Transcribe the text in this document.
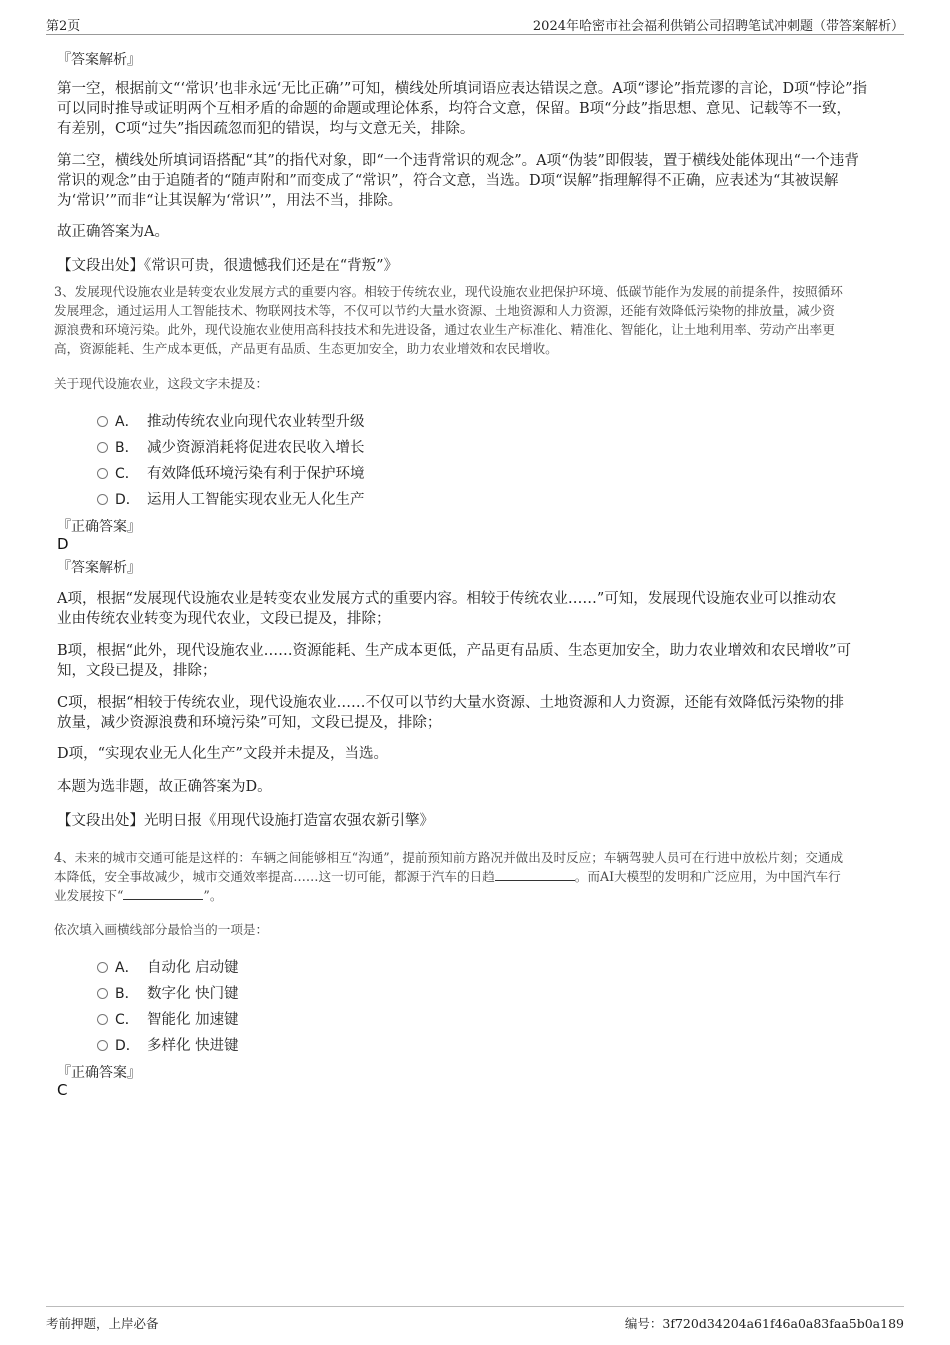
第2页	2024年哈密市社会福利供销公司招聘笔试冲刺题（带答案解析）
『答案解析』
第一空，根据前文“‘常识’也非永远‘无比正确’”可知，横线处所填词语应表达错误之意。A项“谬论”指荒谬的言论，D项“悖论”指
可以同时推导或证明两个互相矛盾的命题的命题或理论体系，均符合文意，保留。B项“分歧”指思想、意见、记载等不一致，
有差别，C项“过失”指因疏忽而犯的错误，均与文意无关，排除。
第二空，横线处所填词语搭配“其”的指代对象，即“一个违背常识的观念”。A项“伪装”即假装，置于横线处能体现出“一个违背
常识的观念”由于追随者的“随声附和”而变成了“常识”，符合文意，当选。D项“误解”指理解得不正确，应表述为“其被误解
为‘常识’”而非“让其误解为‘常识’”，用法不当，排除。
故正确答案为A。
【文段出处】《常识可贵，很遗憾我们还是在“背叛”》
3、发展现代设施农业是转变农业发展方式的重要内容。相较于传统农业，现代设施农业把保护环境、低碳节能作为发展的前提条件，按照循环
发展理念，通过运用人工智能技术、物联网技术等，不仅可以节约大量水资源、土地资源和人力资源，还能有效降低污染物的排放量，减少资
源浪费和环境污染。此外，现代设施农业使用高科技技术和先进设备，通过农业生产标准化、精准化、智能化，让土地利用率、劳动产出率更
高，资源能耗、生产成本更低，产品更有品质、生态更加安全，助力农业增效和农民增收。
关于现代设施农业，这段文字未提及：
A． 推动传统农业向现代农业转型升级
B． 减少资源消耗将促进农民收入增长
C． 有效降低环境污染有利于保护环境
D． 运用人工智能实现农业无人化生产
『正确答案』
D
『答案解析』
A项，根据“发展现代设施农业是转变农业发展方式的重要内容。相较于传统农业……”可知，发展现代设施农业可以推动农
业由传统农业转变为现代农业，文段已提及，排除；
B项，根据“此外，现代设施农业……资源能耗、生产成本更低，产品更有品质、生态更加安全，助力农业增效和农民增收”可
知，文段已提及，排除；
C项，根据“相较于传统农业，现代设施农业……不仅可以节约大量水资源、土地资源和人力资源，还能有效降低污染物的排
放量，减少资源浪费和环境污染”可知，文段已提及，排除；
D项，“实现农业无人化生产”文段并未提及，当选。
本题为选非题，故正确答案为D。
【文段出处】光明日报《用现代设施打造富农强农新引擎》
4、未来的城市交通可能是这样的：车辆之间能够相互“沟通”，提前预知前方路况并做出及时反应；车辆驾驶人员可在行进中放松片刻；交通成
本降低，安全事故减少，城市交通效率提高……这一切可能，都源于汽车的日趋	。而AI大模型的发明和广泛应用，为中国汽车行
业发展按下“	”。
依次填入画横线部分最恰当的一项是：
A． 自动化 启动键
B． 数字化 快门键
C． 智能化 加速键
D． 多样化 快进键
『正确答案』
C
考前押题，上岸必备	编号：3f720d34204a61f46a0a83faa5b0a189
